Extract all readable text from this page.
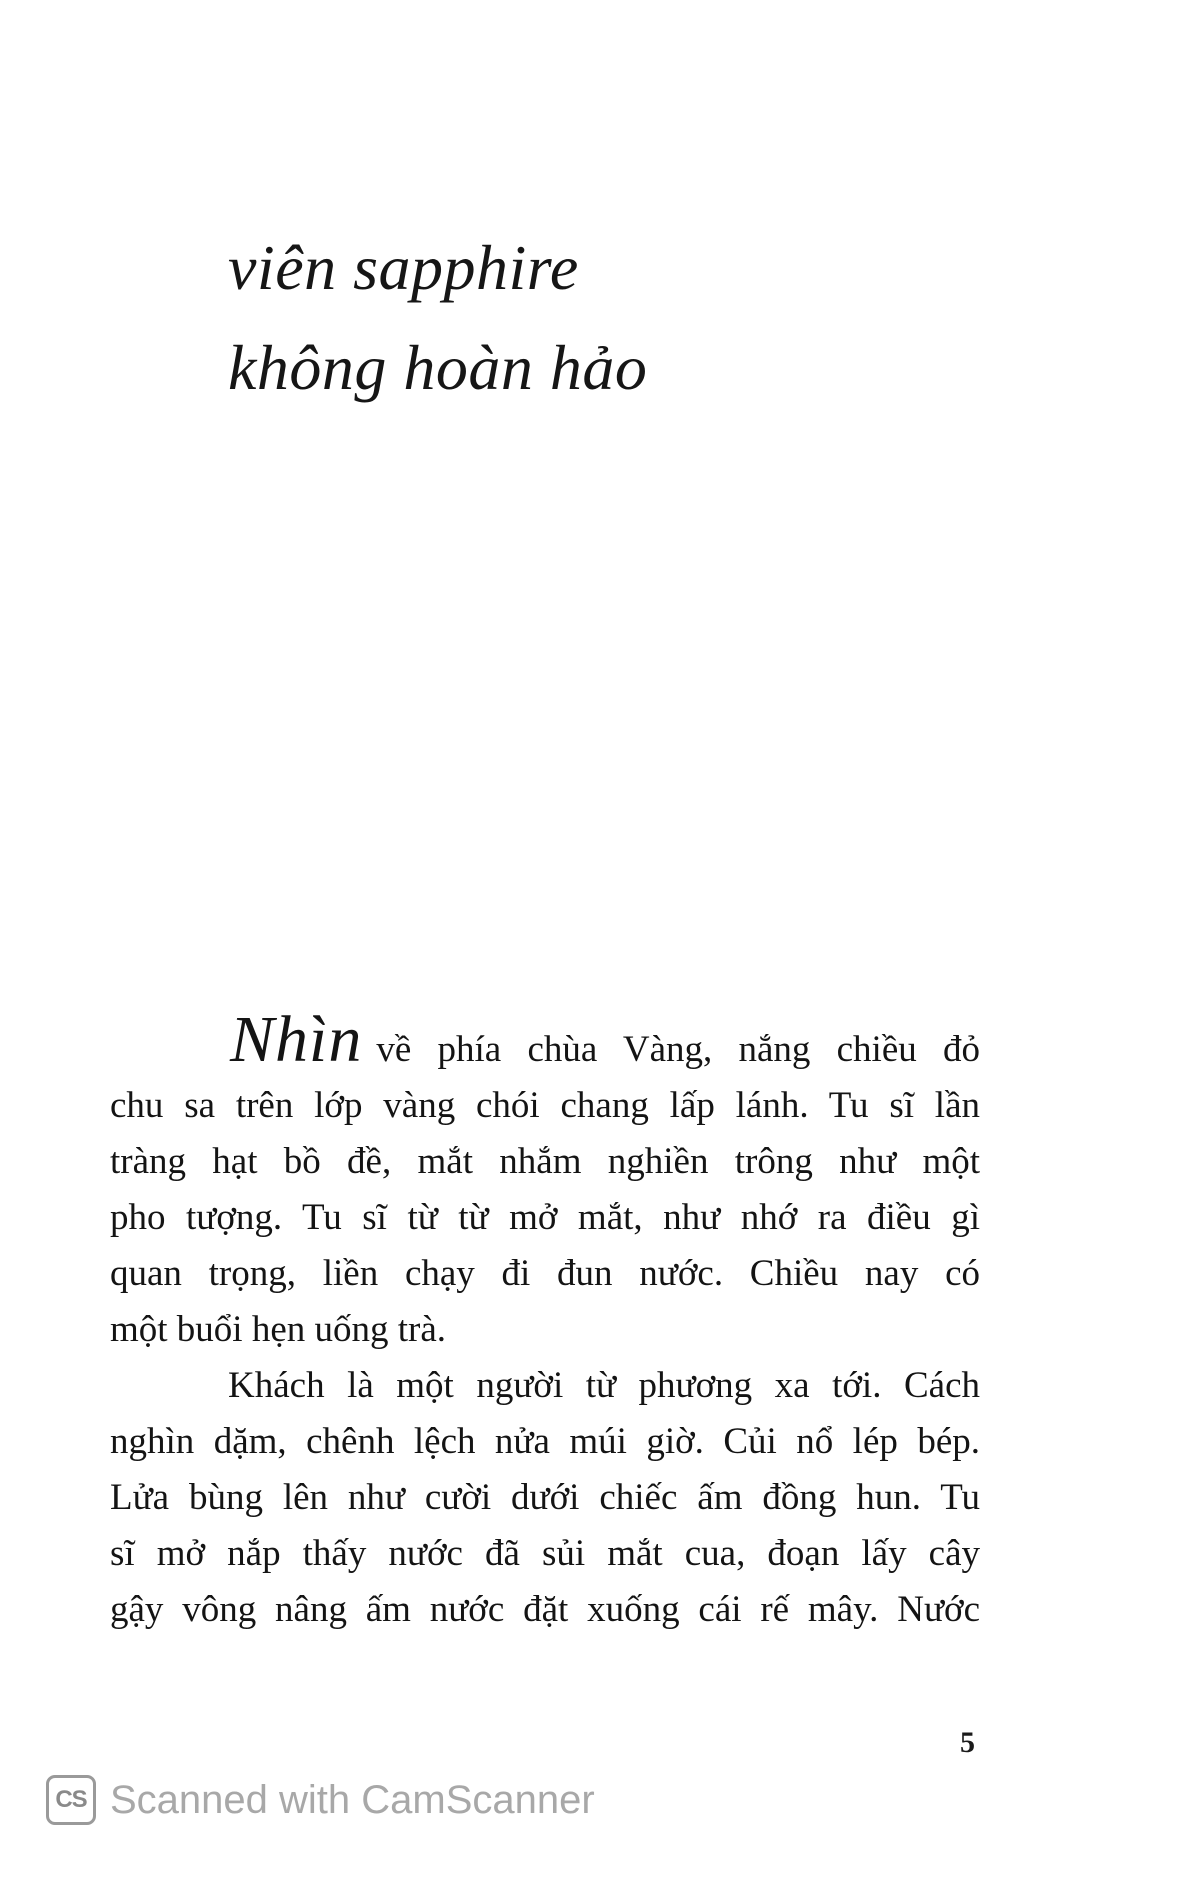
viên sapphire
không hoàn hảo
Nhìn về phía chùa Vàng, nắng chiều đỏ
chu sa trên lớp vàng chói chang lấp lánh. Tu sĩ lần
tràng hạt bồ đề, mắt nhắm nghiền trông như một
pho tượng. Tu sĩ từ từ mở mắt, như nhớ ra điều gì
quan trọng, liền chạy đi đun nước. Chiều nay có
một buổi hẹn uống trà.
Khách là một người từ phương xa tới. Cách
nghìn dặm, chênh lệch nửa múi giờ. Củi nổ lép bép.
Lửa bùng lên như cười dưới chiếc ấm đồng hun. Tu
sĩ mở nắp thấy nước đã sủi mắt cua, đoạn lấy cây
gậy vông nâng ấm nước đặt xuống cái rế mây. Nước
5
CS Scanned with CamScanner
